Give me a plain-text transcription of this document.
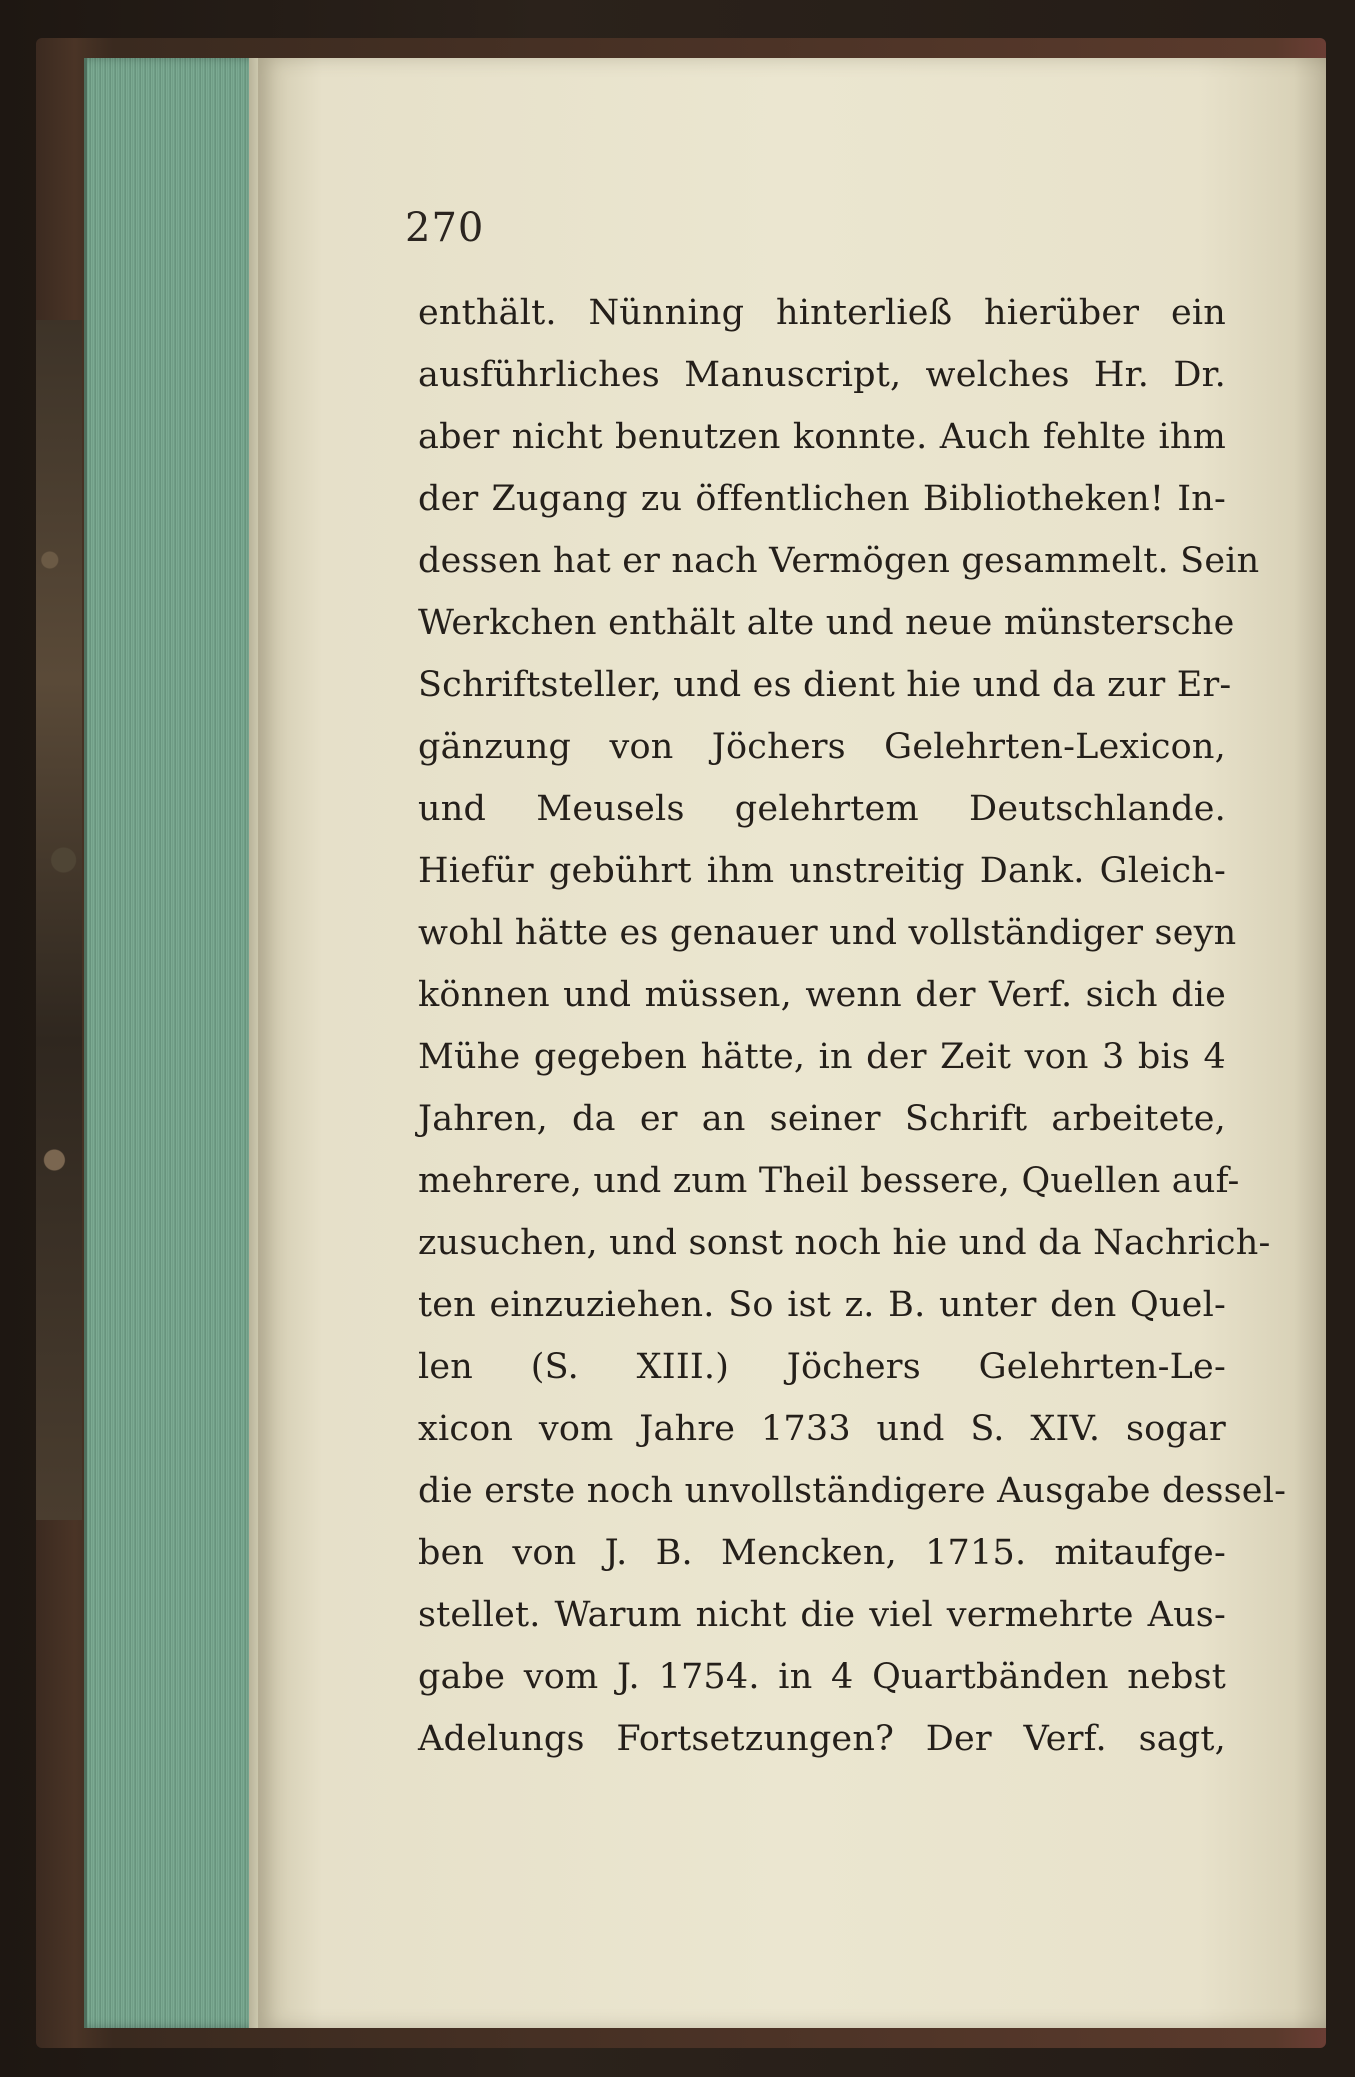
270
enthält. Nünning hinterließ hierüber ein
ausführliches Manuscript, welches Hr. Dr.
aber nicht benutzen konnte. Auch fehlte ihm
der Zugang zu öffentlichen Bibliotheken! In-
dessen hat er nach Vermögen gesammelt. Sein
Werkchen enthält alte und neue münstersche
Schriftsteller, und es dient hie und da zur Er-
gänzung von Jöchers Gelehrten-Lexicon,
und Meusels gelehrtem Deutschlande.
Hiefür gebührt ihm unstreitig Dank. Gleich-
wohl hätte es genauer und vollständiger seyn
können und müssen, wenn der Verf. sich die
Mühe gegeben hätte, in der Zeit von 3 bis 4
Jahren, da er an seiner Schrift arbeitete,
mehrere, und zum Theil bessere, Quellen auf-
zusuchen, und sonst noch hie und da Nachrich-
ten einzuziehen. So ist z. B. unter den Quel-
len (S. XIII.) Jöchers Gelehrten-Le-
xicon vom Jahre 1733 und S. XIV. sogar
die erste noch unvollständigere Ausgabe dessel-
ben von J. B. Mencken, 1715. mitaufge-
stellet. Warum nicht die viel vermehrte Aus-
gabe vom J. 1754. in 4 Quartbänden nebst
Adelungs Fortsetzungen? Der Verf. sagt,
